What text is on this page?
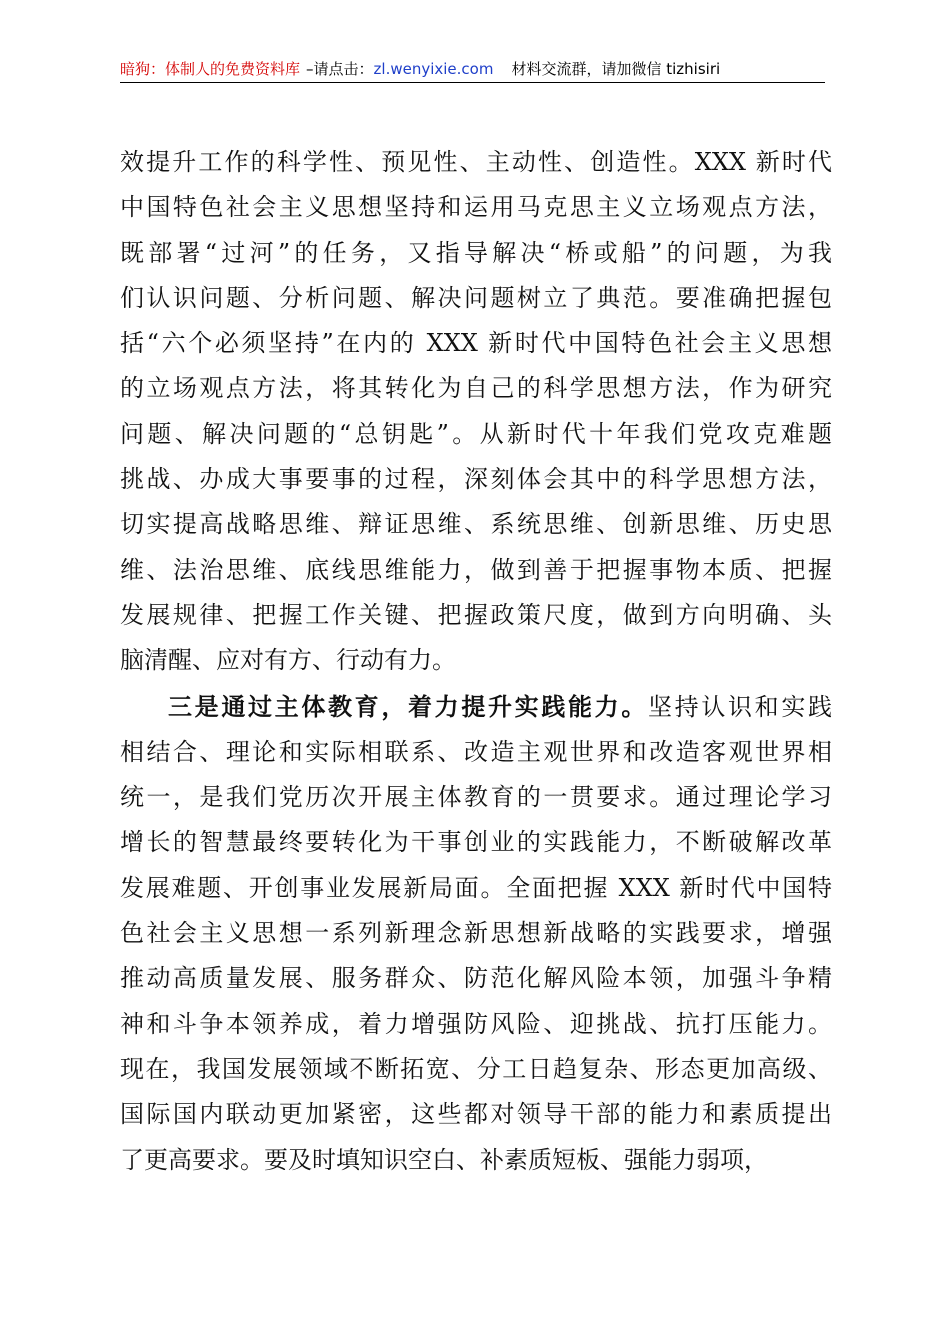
暗狗：体制人的免费资料库 –请点击：zl.wenyixie.com 材料交流群，请加微信 tizhisiri

效提升工作的科学性、预见性、主动性、创造性。XXX 新时代
中国特色社会主义思想坚持和运用马克思主义立场观点方法，
既部署“过河”的任务，又指导解决“桥或船”的问题，为我
们认识问题、分析问题、解决问题树立了典范。要准确把握包
括“六个必须坚持”在内的 XXX 新时代中国特色社会主义思想
的立场观点方法，将其转化为自己的科学思想方法，作为研究
问题、解决问题的“总钥匙”。从新时代十年我们党攻克难题
挑战、办成大事要事的过程，深刻体会其中的科学思想方法，
切实提高战略思维、辩证思维、系统思维、创新思维、历史思
维、法治思维、底线思维能力，做到善于把握事物本质、把握
发展规律、把握工作关键、把握政策尺度，做到方向明确、头
脑清醒、应对有方、行动有力。

三是通过主体教育，着力提升实践能力。坚持认识和实践
相结合、理论和实际相联系、改造主观世界和改造客观世界相
统一，是我们党历次开展主体教育的一贯要求。通过理论学习
增长的智慧最终要转化为干事创业的实践能力，不断破解改革
发展难题、开创事业发展新局面。全面把握 XXX 新时代中国特
色社会主义思想一系列新理念新思想新战略的实践要求，增强
推动高质量发展、服务群众、防范化解风险本领，加强斗争精
神和斗争本领养成，着力增强防风险、迎挑战、抗打压能力。
现在，我国发展领域不断拓宽、分工日趋复杂、形态更加高级、
国际国内联动更加紧密，这些都对领导干部的能力和素质提出
了更高要求。要及时填知识空白、补素质短板、强能力弱项，
